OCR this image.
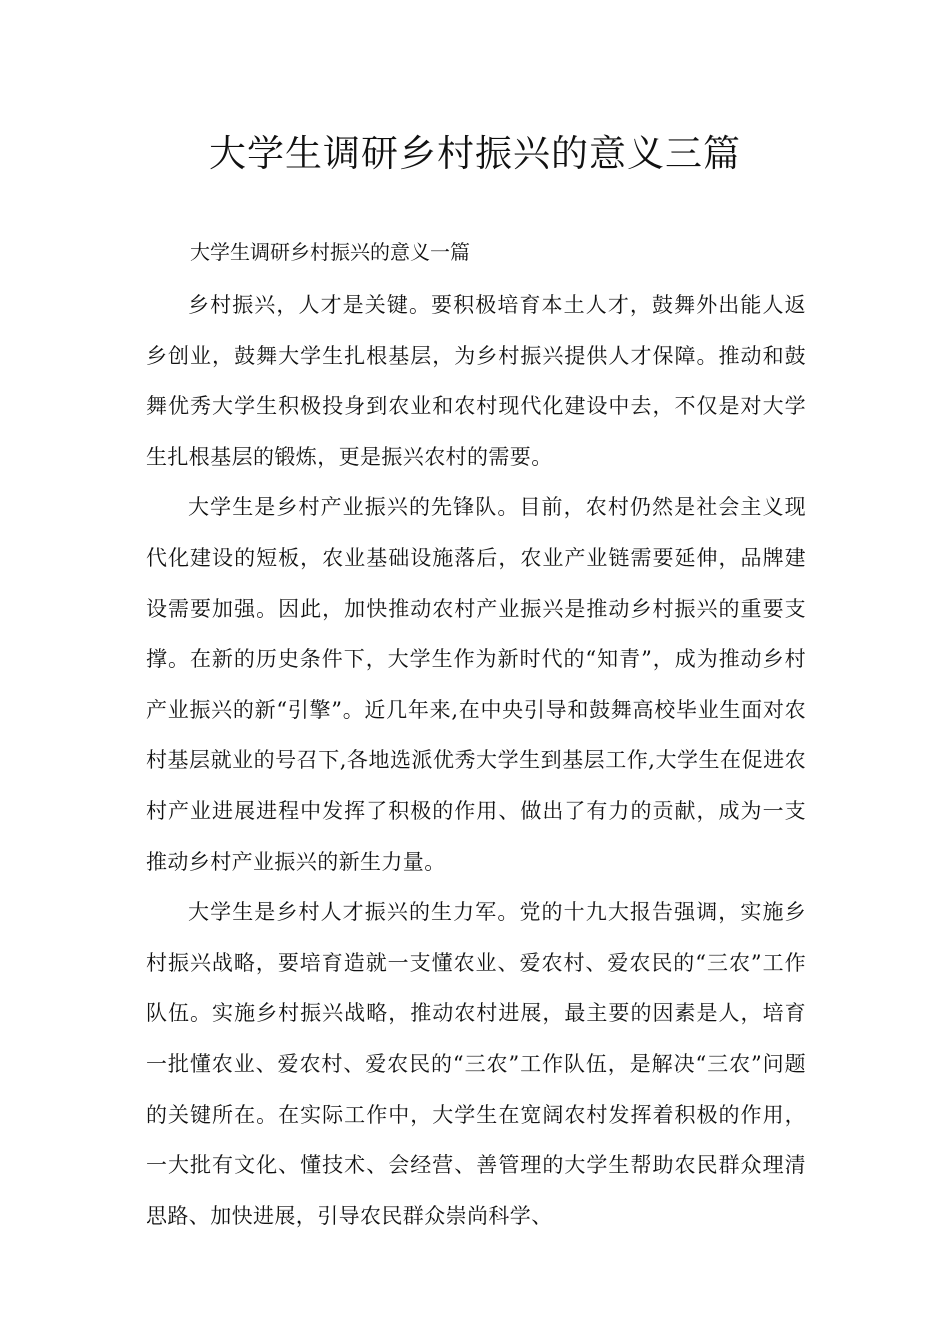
大学生调研乡村振兴的意义三篇

大学生调研乡村振兴的意义一篇

乡村振兴，人才是关键。要积极培育本土人才，鼓舞外出能人返乡创业，鼓舞大学生扎根基层，为乡村振兴提供人才保障。推动和鼓舞优秀大学生积极投身到农业和农村现代化建设中去，不仅是对大学生扎根基层的锻炼，更是振兴农村的需要。

大学生是乡村产业振兴的先锋队。目前，农村仍然是社会主义现代化建设的短板，农业基础设施落后，农业产业链需要延伸，品牌建设需要加强。因此，加快推动农村产业振兴是推动乡村振兴的重要支撑。在新的历史条件下，大学生作为新时代的“知青”，成为推动乡村产业振兴的新“引擎”。近几年来,在中央引导和鼓舞高校毕业生面对农村基层就业的号召下,各地选派优秀大学生到基层工作,大学生在促进农村产业进展进程中发挥了积极的作用、做出了有力的贡献，成为一支推动乡村产业振兴的新生力量。

大学生是乡村人才振兴的生力军。党的十九大报告强调，实施乡村振兴战略，要培育造就一支懂农业、爱农村、爱农民的“三农”工作队伍。实施乡村振兴战略，推动农村进展，最主要的因素是人，培育一批懂农业、爱农村、爱农民的“三农”工作队伍，是解决“三农”问题的关键所在。在实际工作中，大学生在宽阔农村发挥着积极的作用，一大批有文化、懂技术、会经营、善管理的大学生帮助农民群众理清思路、加快进展，引导农民群众崇尚科学、
